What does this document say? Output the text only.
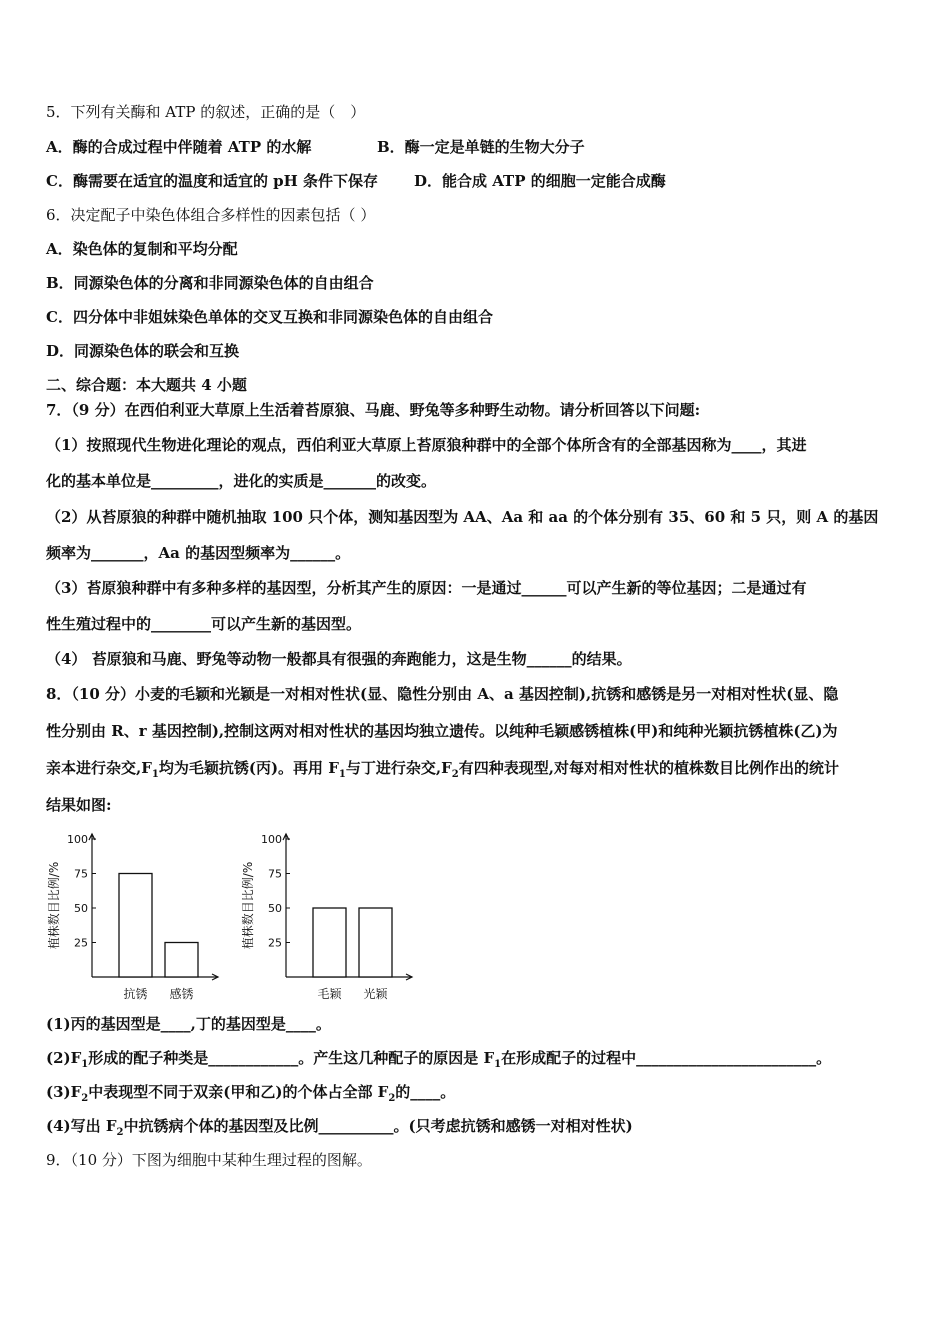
5．下列有关酶和 ATP 的叙述，正确的是（　）
A．酶的合成过程中伴随着 ATP 的水解	B．酶一定是单链的生物大分子
C．酶需要在适宜的温度和适宜的 pH 条件下保存 D．能合成 ATP 的细胞一定能合成酶
6．决定配子中染色体组合多样性的因素包括（ ）
A．染色体的复制和平均分配
B．同源染色体的分离和非同源染色体的自由组合
C．四分体中非姐妹染色单体的交叉互换和非同源染色体的自由组合
D．同源染色体的联会和互换
二、综合题：本大题共 4 小题
7．（9 分）在西伯利亚大草原上生活着苔原狼、马鹿、野兔等多种野生动物。请分析回答以下问题:
（1）按照现代生物进化理论的观点，西伯利亚大草原上苔原狼种群中的全部个体所含有的全部基因称为____，其进
化的基本单位是_________，进化的实质是_______的改变。
（2）从苔原狼的种群中随机抽取 100 只个体，测知基因型为 AA、Aa 和 aa 的个体分别有 35、60 和 5 只，则 A 的基因
频率为_______，Aa 的基因型频率为______。
（3）苔原狼种群中有多种多样的基因型，分析其产生的原因：一是通过______可以产生新的等位基因；二是通过有
性生殖过程中的________可以产生新的基因型。
（4） 苔原狼和马鹿、野兔等动物一般都具有很强的奔跑能力，这是生物______的结果。
8．（10 分）小麦的毛颖和光颖是一对相对性状(显、隐性分别由 A、a 基因控制),抗锈和感锈是另一对相对性状(显、隐
性分别由 R、r 基因控制),控制这两对相对性状的基因均独立遗传。以纯种毛颖感锈植株(甲)和纯种光颖抗锈植株(乙)为
亲本进行杂交$,F_1$均为毛颖抗锈(丙)。再用 $F_1$与丁进行杂交$,F_2$有四种表现型,对每对相对性状的植株数目比例作出的统计
结果如图:
植株数目比例/% 25
50
75
100
抗锈 感锈
植株数目比例/% 25
50
75
100
毛颖 光颖
(1)丙的基因型是____,丁的基因型是____。
$(2)F_1$形成的配子种类是____________。产生这几种配子的原因是 $F_1$在形成配子的过程中________________________。
$(3)F_2$中表现型不同于双亲(甲和乙)的个体占全部 $F_2$的____。
(4)写出 $F_2$中抗锈病个体的基因型及比例__________。(只考虑抗锈和感锈一对相对性状)
9．（10 分）下图为细胞中某种生理过程的图解。
